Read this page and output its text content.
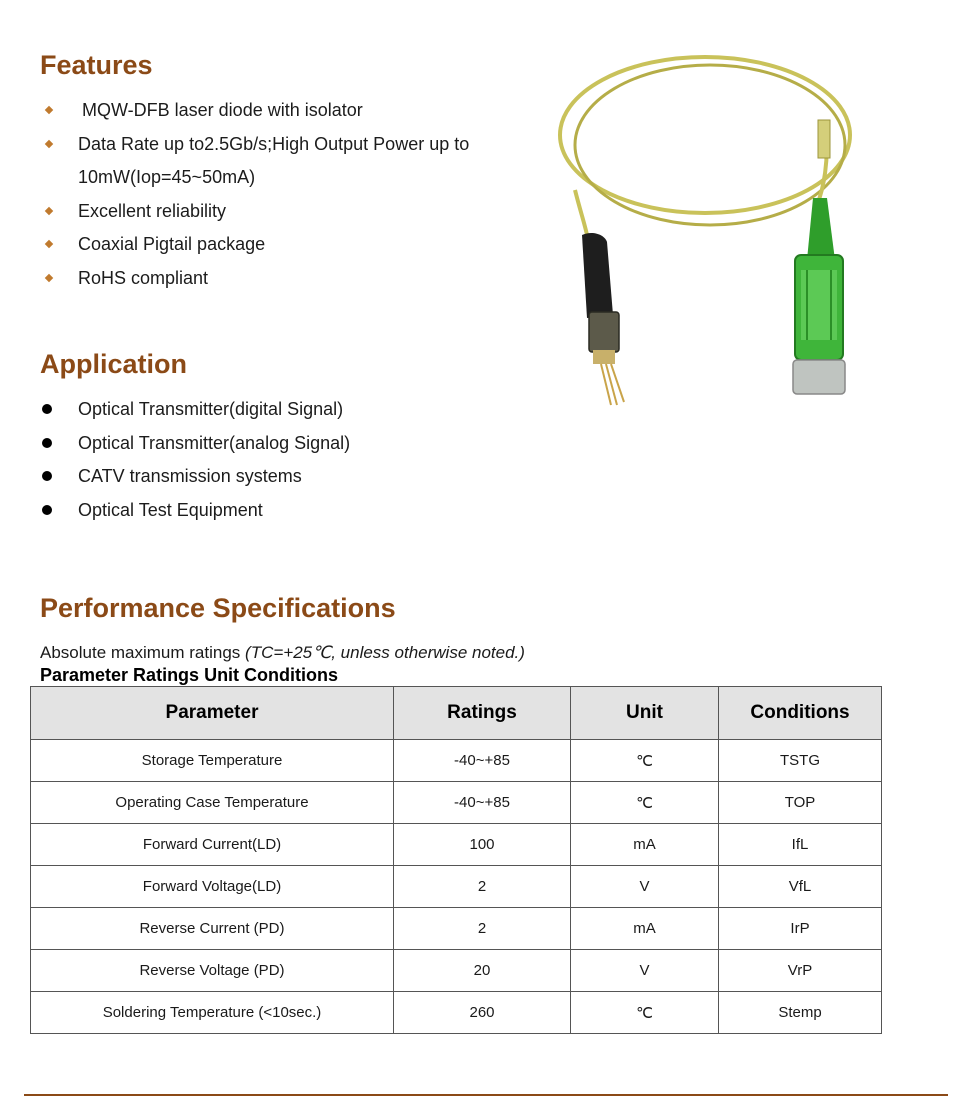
Features
MQW-DFB laser diode with isolator
Data Rate up to2.5Gb/s;High Output Power up to
10mW(Iop=45~50mA)
Excellent reliability
Coaxial Pigtail package
RoHS compliant
Application
Optical Transmitter(digital Signal)
Optical Transmitter(analog Signal)
CATV transmission systems
Optical Test Equipment
Performance Specifications
Absolute maximum ratings (TC=+25℃, unless otherwise noted.)
Parameter Ratings Unit Conditions
Parameter	Ratings	Unit	Conditions
Storage Temperature	-40~+85	℃	TSTG
Operating Case Temperature	-40~+85	℃	TOP
Forward Current(LD)	100	mA	IfL
Forward Voltage(LD)	2	V	VfL
Reverse Current (PD)	2	mA	IrP
Reverse Voltage (PD)	20	V	VrP
Soldering Temperature (<10sec.)	260	℃	Stemp
